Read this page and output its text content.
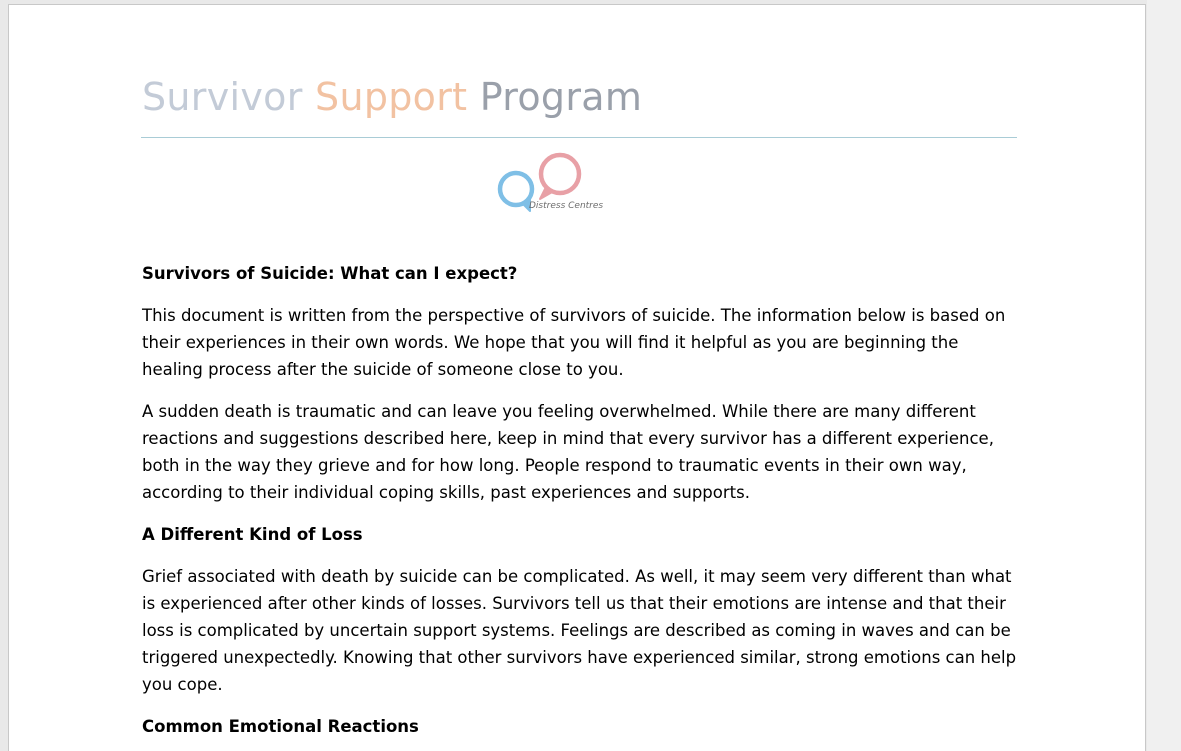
Survivor Support Program
Distress Centres
Survivors of Suicide: What can I expect?

This document is written from the perspective of survivors of suicide. The information below is based on their experiences in their own words. We hope that you will find it helpful as you are beginning the healing process after the suicide of someone close to you.

A sudden death is traumatic and can leave you feeling overwhelmed. While there are many different reactions and suggestions described here, keep in mind that every survivor has a different experience, both in the way they grieve and for how long. People respond to traumatic events in their own way, according to their individual coping skills, past experiences and supports.

A Different Kind of Loss

Grief associated with death by suicide can be complicated. As well, it may seem very different than what is experienced after other kinds of losses. Survivors tell us that their emotions are intense and that their loss is complicated by uncertain support systems. Feelings are described as coming in waves and can be triggered unexpectedly. Knowing that other survivors have experienced similar, strong emotions can help you cope.

Common Emotional Reactions
